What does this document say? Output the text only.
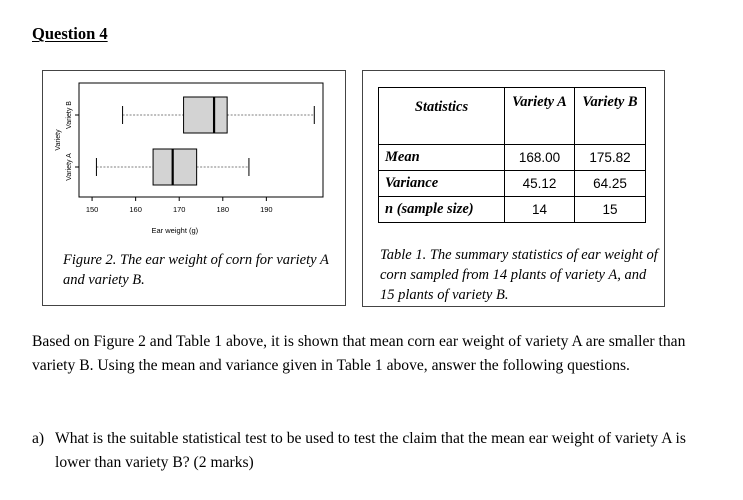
Question 4
150	160	170	180	190
Ear weight (g)
Variety
Variety A
Variety B
Figure 2. The ear weight of corn for variety A and variety B.
Statistics	Variety A	Variety B
Mean	168.00	175.82
Variance	45.12	64.25
n (sample size)	14	15
Table 1. The summary statistics of ear weight of corn sampled from 14 plants of variety A, and 15 plants of variety B.
Based on Figure 2 and Table 1 above, it is shown that mean corn ear weight of variety A are smaller than variety B. Using the mean and variance given in Table 1 above, answer the following questions.
a) What is the suitable statistical test to be used to test the claim that the mean ear weight of variety A is lower than variety B? (2 marks)
